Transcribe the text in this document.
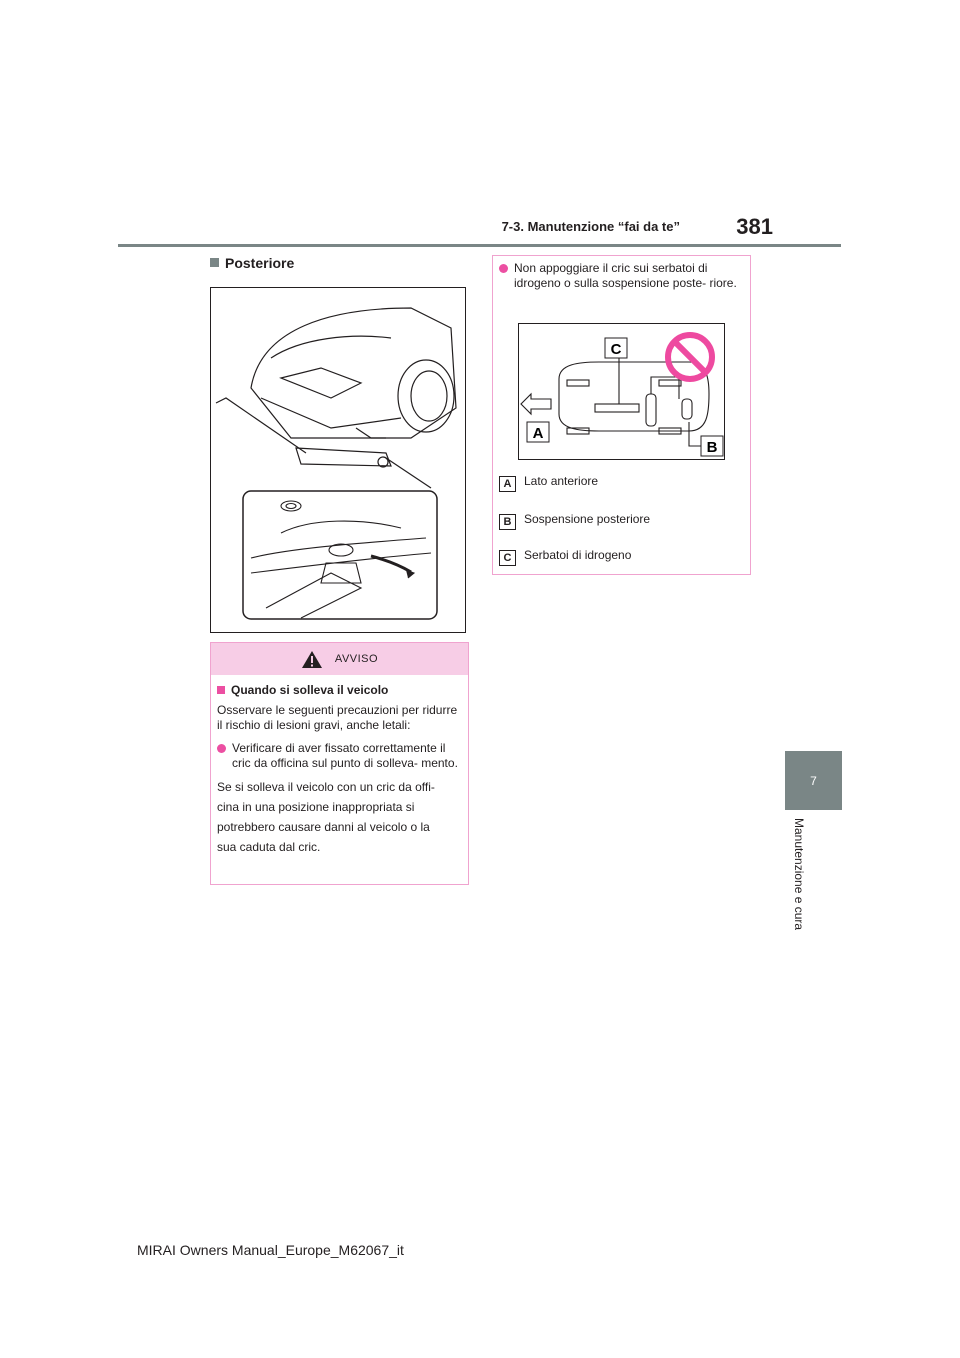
7-3. Manutenzione “fai da te”	381
7
Manutenzione e cura
Posteriore
AVVISO
Quando si solleva il veicolo
Osservare le seguenti precauzioni per ridurre il rischio di lesioni gravi, anche letali:
Verificare di aver fissato correttamente il cric da officina sul punto di solleva- mento.
Se si solleva il veicolo con un cric da offi-
cina in una posizione inappropriata si
potrebbero causare danni al veicolo o la
sua caduta dal cric.
Non appoggiare il cric sui serbatoi di idrogeno o sulla sospensione poste- riore.
C
A
B
A Lato anteriore
B Sospensione posteriore
C Serbatoi di idrogeno
MIRAI Owners Manual_Europe_M62067_it
